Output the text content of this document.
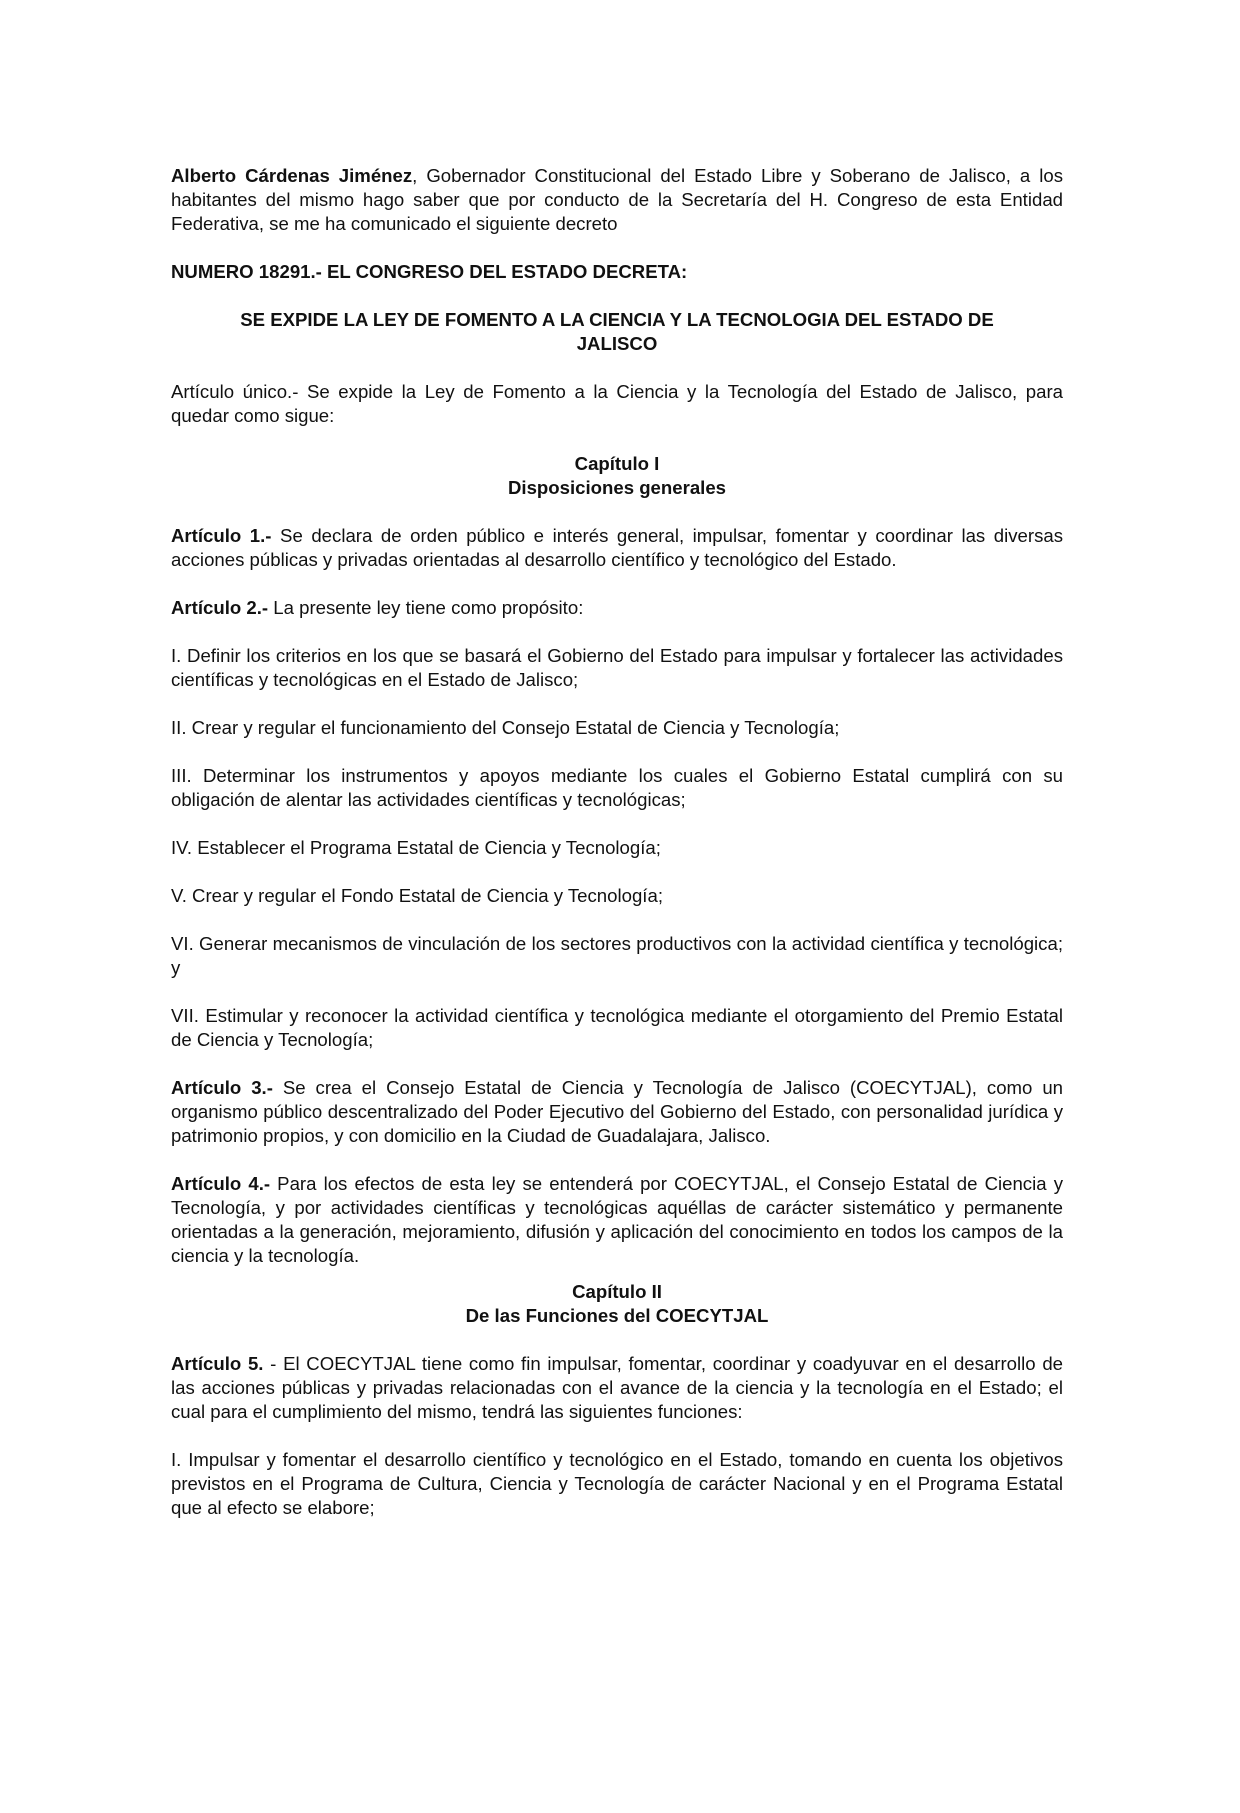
Alberto Cárdenas Jiménez, Gobernador Constitucional del Estado Libre y Soberano de Jalisco, a los habitantes del mismo hago saber que por conducto de la Secretaría del H. Congreso de esta Entidad Federativa, se me ha comunicado el siguiente decreto

NUMERO 18291.- EL CONGRESO DEL ESTADO DECRETA:

SE EXPIDE LA LEY DE FOMENTO A LA CIENCIA Y LA TECNOLOGIA DEL ESTADO DE JALISCO

Artículo único.- Se expide la Ley de Fomento a la Ciencia y la Tecnología del Estado de Jalisco, para quedar como sigue:

Capítulo I

Disposiciones generales

Artículo 1.- Se declara de orden público e interés general, impulsar, fomentar y coordinar las diversas acciones públicas y privadas orientadas al desarrollo científico y tecnológico del Estado.

Artículo 2.- La presente ley tiene como propósito:

I. Definir los criterios en los que se basará el Gobierno del Estado para impulsar y fortalecer las actividades científicas y tecnológicas en el Estado de Jalisco;

II. Crear y regular el funcionamiento del Consejo Estatal de Ciencia y Tecnología;

III. Determinar los instrumentos y apoyos mediante los cuales el Gobierno Estatal cumplirá con su obligación de alentar las actividades científicas y tecnológicas;

IV. Establecer el Programa Estatal de Ciencia y Tecnología;

V. Crear y regular el Fondo Estatal de Ciencia y Tecnología;

VI. Generar mecanismos de vinculación de los sectores productivos con la actividad científica y tecnológica; y

VII. Estimular y reconocer la actividad científica y tecnológica mediante el otorgamiento del Premio Estatal de Ciencia y Tecnología;

Artículo 3.- Se crea el Consejo Estatal de Ciencia y Tecnología de Jalisco (COECYTJAL), como un organismo público descentralizado del Poder Ejecutivo del Gobierno del Estado, con personalidad jurídica y patrimonio propios, y con domicilio en la Ciudad de Guadalajara, Jalisco.

Artículo 4.- Para los efectos de esta ley se entenderá por COECYTJAL, el Consejo Estatal de Ciencia y Tecnología, y por actividades científicas y tecnológicas aquéllas de carácter sistemático y permanente orientadas a la generación, mejoramiento, difusión y aplicación del conocimiento en todos los campos de la ciencia y la tecnología.

Capítulo II

De las Funciones del COECYTJAL

Artículo 5. - El COECYTJAL tiene como fin impulsar, fomentar, coordinar y coadyuvar en el desarrollo de las acciones públicas y privadas relacionadas con el avance de la ciencia y la tecnología en el Estado; el cual para el cumplimiento del mismo, tendrá las siguientes funciones:

I. Impulsar y fomentar el desarrollo científico y tecnológico en el Estado, tomando en cuenta los objetivos previstos en el Programa de Cultura, Ciencia y Tecnología de carácter Nacional y en el Programa Estatal que al efecto se elabore;
